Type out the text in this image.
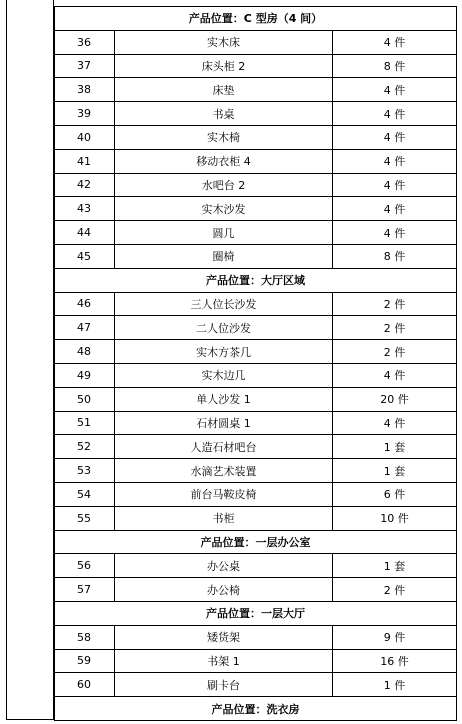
产品位置：C 型房（4 间）		
36	实木床	4 件
37	床头柜 2	8 件
38	床垫	4 件
39	书桌	4 件
40	实木椅	4 件
41	移动衣柜 4	4 件
42	水吧台 2	4 件
43	实木沙发	4 件
44	圆几	4 件
45	圈椅	8 件
产品位置：大厅区域		
46	三人位长沙发	2 件
47	二人位沙发	2 件
48	实木方茶几	2 件
49	实木边几	4 件
50	单人沙发 1	20 件
51	石材圆桌 1	4 件
52	人造石材吧台	1 套
53	水滴艺术装置	1 套
54	前台马鞍皮椅	6 件
55	书柜	10 件
产品位置：一层办公室		
56	办公桌	1 套
57	办公椅	2 件
产品位置：一层大厅		
58	矮货架	9 件
59	书架 1	16 件
60	刷卡台	1 件
产品位置：洗衣房		
